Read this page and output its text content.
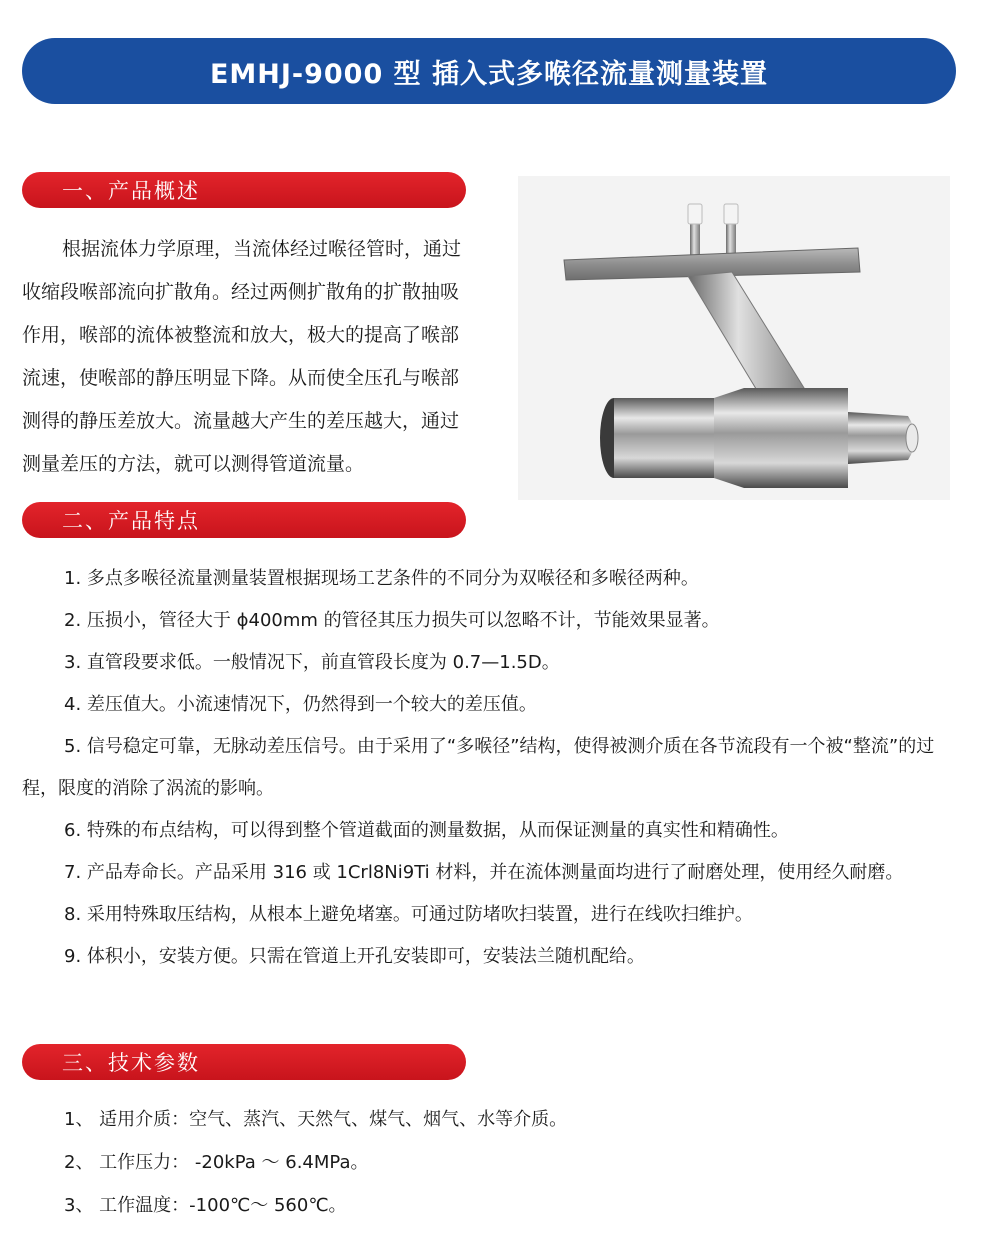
EMHJ-9000 型 插入式多喉径流量测量装置
一、产品概述
根据流体力学原理，当流体经过喉径管时，通过
收缩段喉部流向扩散角。经过两侧扩散角的扩散抽吸
作用，喉部的流体被整流和放大，极大的提高了喉部
流速，使喉部的静压明显下降。从而使全压孔与喉部
测得的静压差放大。流量越大产生的差压越大，通过
测量差压的方法，就可以测得管道流量。
二、产品特点

1. 多点多喉径流量测量装置根据现场工艺条件的不同分为双喉径和多喉径两种。

2. 压损小，管径大于 ϕ400mm 的管径其压力损失可以忽略不计，节能效果显著。

3. 直管段要求低。一般情况下，前直管段长度为 0.7—1.5D。

4. 差压值大。小流速情况下，仍然得到一个较大的差压值。

5. 信号稳定可靠，无脉动差压信号。由于采用了“多喉径”结构，使得被测介质在各节流段有一个被“整流”的过程，限度的消除了涡流的影响。

6. 特殊的布点结构，可以得到整个管道截面的测量数据，从而保证测量的真实性和精确性。

7. 产品寿命长。产品采用 316 或 1Crl8Ni9Ti 材料，并在流体测量面均进行了耐磨处理，使用经久耐磨。

8. 采用特殊取压结构，从根本上避免堵塞。可通过防堵吹扫装置，进行在线吹扫维护。

9. 体积小，安装方便。只需在管道上开孔安装即可，安装法兰随机配给。

三、技术参数

1、 适用介质：空气、蒸汽、天然气、煤气、烟气、水等介质。

2、 工作压力： -20kPa ～ 6.4MPa。

3、 工作温度：-100℃～ 560℃。
